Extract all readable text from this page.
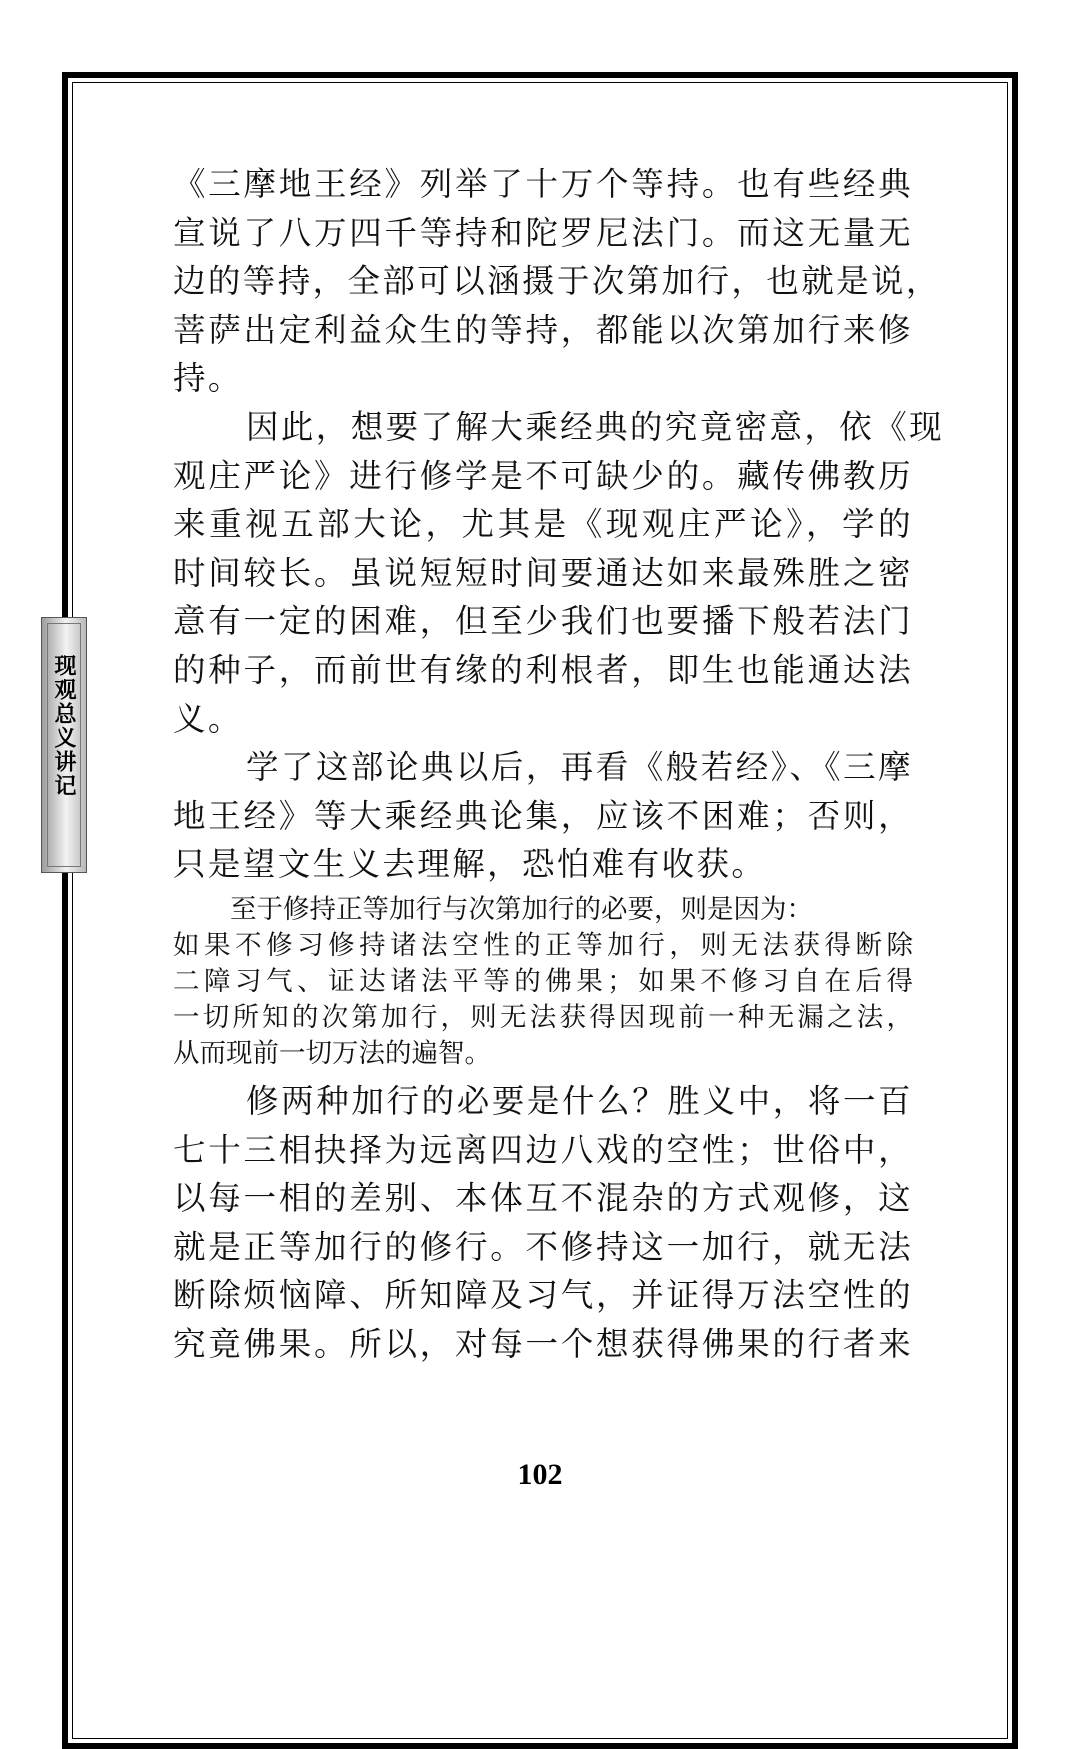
现观总义讲记
《三摩地王经》列举了十万个等持。也有些经典
宣说了八万四千等持和陀罗尼法门。而这无量无
边的等持，全部可以涵摄于次第加行，也就是说，
菩萨出定利益众生的等持，都能以次第加行来修
持。
因此，想要了解大乘经典的究竟密意，依《现
观庄严论》进行修学是不可缺少的。藏传佛教历
来重视五部大论，尤其是《现观庄严论》，学的
时间较长。虽说短短时间要通达如来最殊胜之密
意有一定的困难，但至少我们也要播下般若法门
的种子，而前世有缘的利根者，即生也能通达法
义。
学了这部论典以后，再看《般若经》、《三摩
地王经》等大乘经典论集，应该不困难；否则，
只是望文生义去理解，恐怕难有收获。
至于修持正等加行与次第加行的必要，则是因为：
如果不修习修持诸法空性的正等加行，则无法获得断除
二障习气、证达诸法平等的佛果；如果不修习自在后得
一切所知的次第加行，则无法获得因现前一种无漏之法，
从而现前一切万法的遍智。
修两种加行的必要是什么？胜义中，将一百
七十三相抉择为远离四边八戏的空性；世俗中，
以每一相的差别、本体互不混杂的方式观修，这
就是正等加行的修行。不修持这一加行，就无法
断除烦恼障、所知障及习气，并证得万法空性的
究竟佛果。所以，对每一个想获得佛果的行者来
102
